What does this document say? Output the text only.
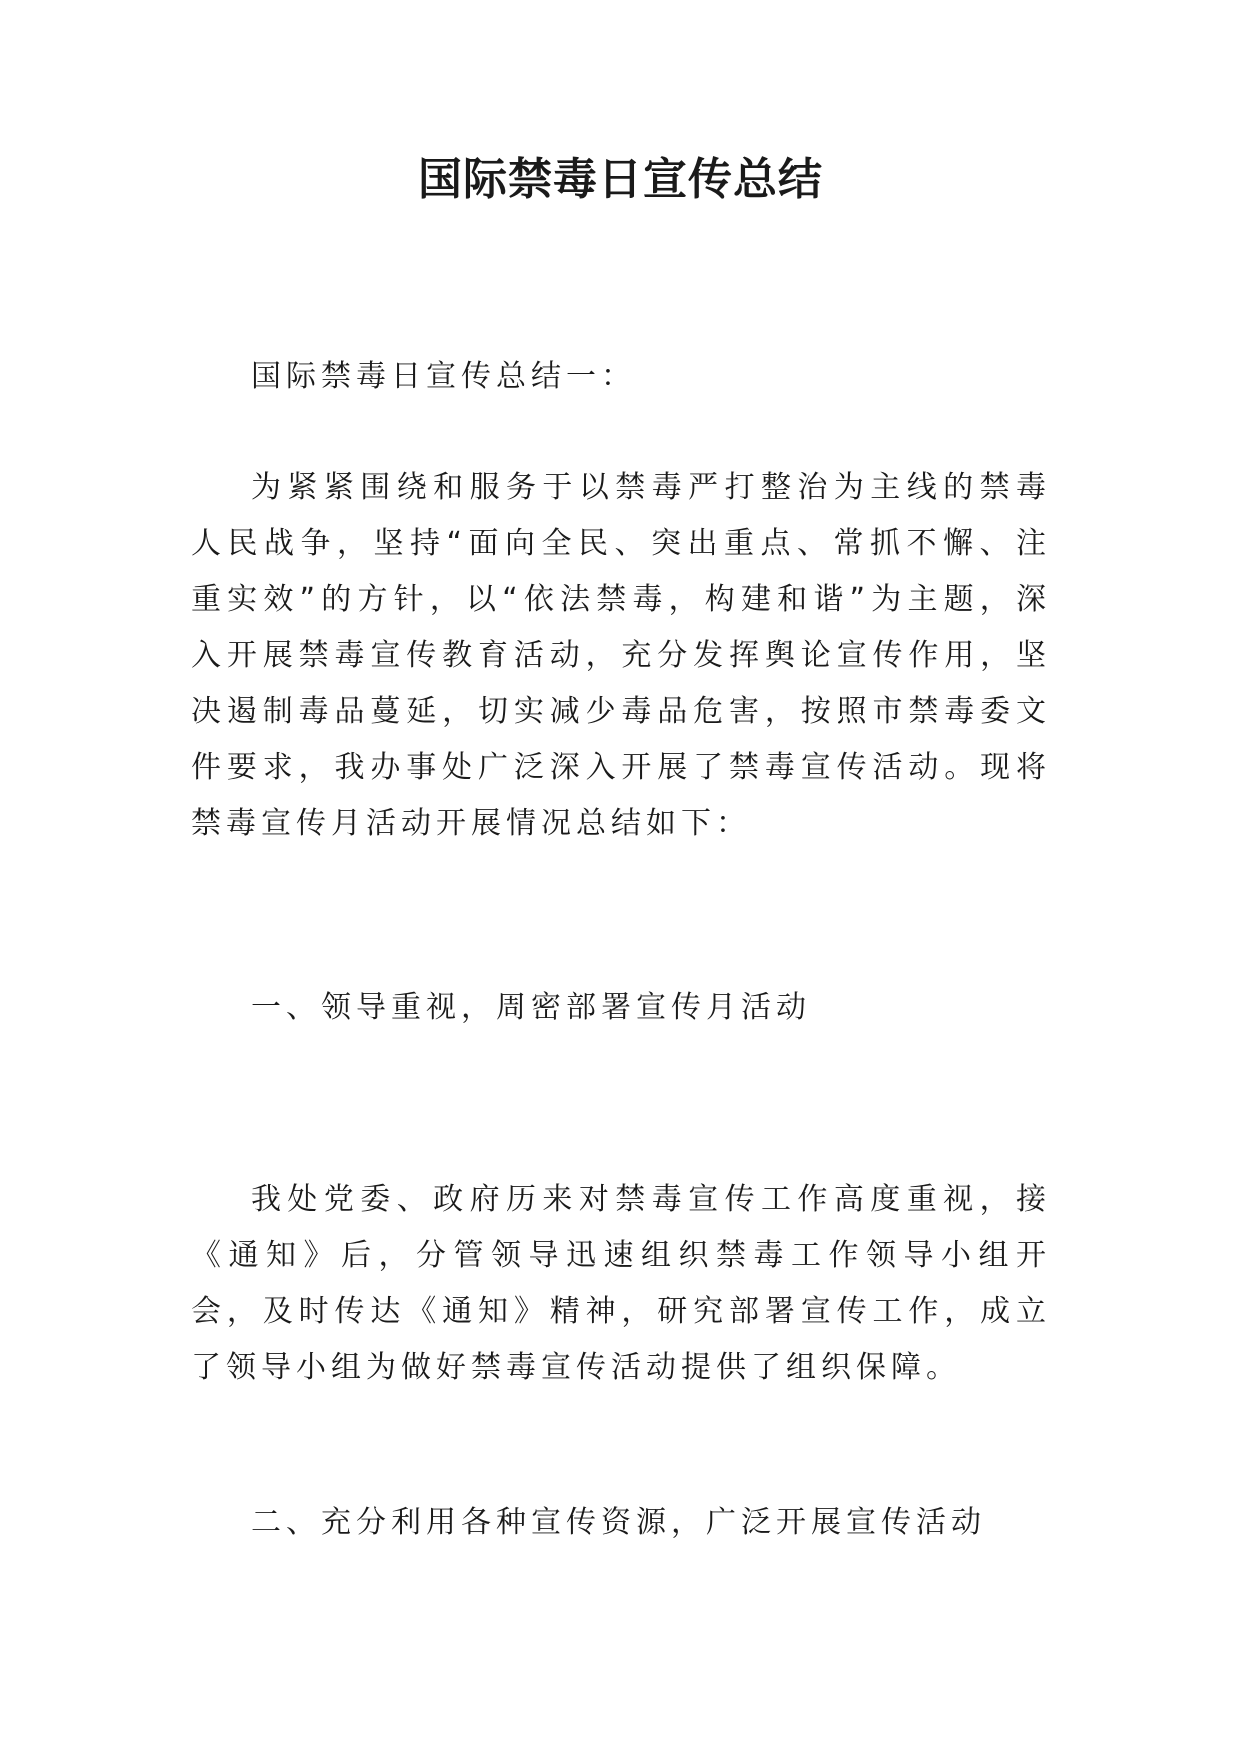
国际禁毒日宣传总结

国际禁毒日宣传总结一：

为紧紧围绕和服务于以禁毒严打整治为主线的禁毒人民战争，坚持“面向全民、突出重点、常抓不懈、注重实效”的方针，以“依法禁毒，构建和谐”为主题，深入开展禁毒宣传教育活动，充分发挥舆论宣传作用，坚决遏制毒品蔓延，切实减少毒品危害，按照市禁毒委文件要求，我办事处广泛深入开展了禁毒宣传活动。现将禁毒宣传月活动开展情况总结如下：

一、领导重视，周密部署宣传月活动

我处党委、政府历来对禁毒宣传工作高度重视，接《通知》后，分管领导迅速组织禁毒工作领导小组开会，及时传达《通知》精神，研究部署宣传工作，成立了领导小组为做好禁毒宣传活动提供了组织保障。

二、充分利用各种宣传资源，广泛开展宣传活动
